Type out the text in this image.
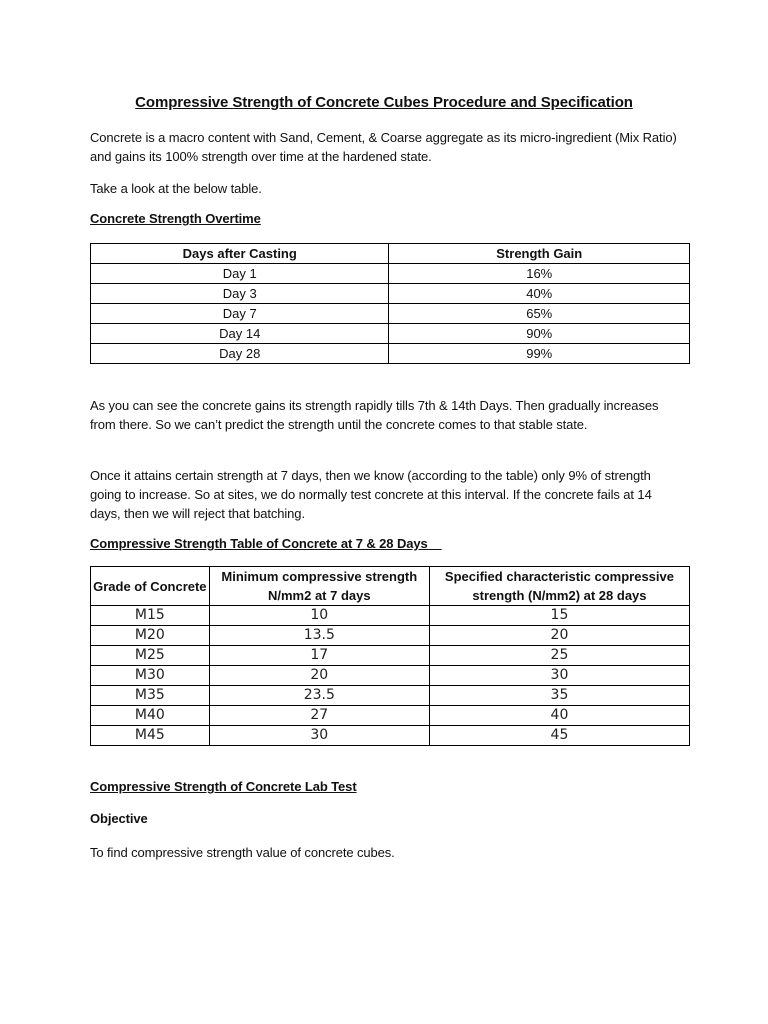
Compressive Strength of Concrete Cubes Procedure and Specification
Concrete is a macro content with Sand, Cement, & Coarse aggregate as its micro-ingredient (Mix Ratio) and gains its 100% strength over time at the hardened state.
Take a look at the below table.
Concrete Strength Overtime
Days after Casting	Strength Gain
Day 1	16%
Day 3	40%
Day 7	65%
Day 14	90%
Day 28	99%
As you can see the concrete gains its strength rapidly tills 7th & 14th Days. Then gradually increases from there. So we can’t predict the strength until the concrete comes to that stable state.
Once it attains certain strength at 7 days, then we know (according to the table) only 9% of strength going to increase. So at sites, we do normally test concrete at this interval. If the concrete fails at 14 days, then we will reject that batching.
Compressive Strength Table of Concrete at 7 & 28 Days
Grade of Concrete	Minimum compressive strength N/mm2 at 7 days	Specified characteristic compressive strength (N/mm2) at 28 days
M15	10	15
M20	13.5	20
M25	17	25
M30	20	30
M35	23.5	35
M40	27	40
M45	30	45
Compressive Strength of Concrete Lab Test
Objective
To find compressive strength value of concrete cubes.
